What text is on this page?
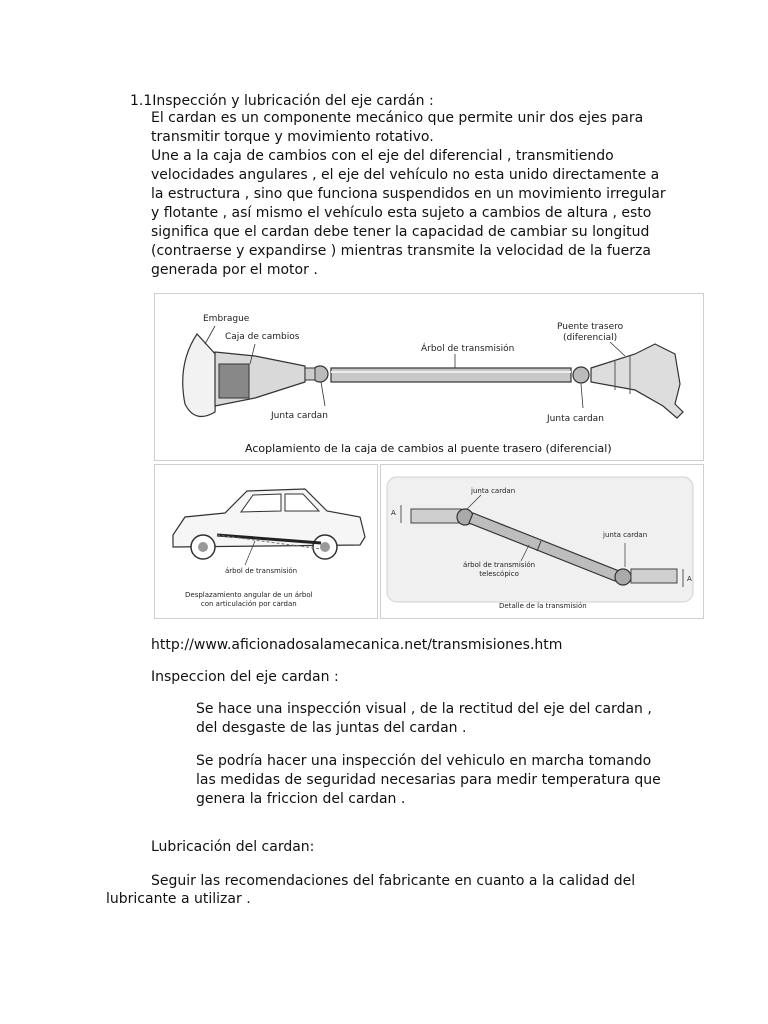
1.1Inspección y lubricación del eje cardán :
El cardan es un componente mecánico que permite unir dos ejes para
transmitir torque y movimiento rotativo.
Une a la caja de cambios con el eje del diferencial , transmitiendo
velocidades angulares , el eje del vehículo no esta unido directamente a
la estructura , sino que funciona suspendidos en un movimiento irregular
y flotante , así mismo el vehículo esta sujeto a cambios de altura , esto
significa que el cardan debe tener la capacidad de cambiar su longitud
(contraerse y expandirse ) mientras transmite la velocidad de la fuerza
generada por el motor .
Embrague
Caja de cambios
Árbol de transmisión
Puente trasero
(diferencial)
Junta cardan	Junta cardan
Acoplamiento de la caja de cambios al puente trasero (diferencial)
árbol de transmisión
Desplazamiento angular de un árbol
con articulación por cardan
junta cardan
junta cardan
árbol de transmisión
telescópico
A
A
Detalle de la transmisión
http://www.aficionadosalamecanica.net/transmisiones.htm
Inspeccion del eje cardan :
Se hace una inspección visual , de la rectitud del eje del cardan ,
del desgaste de las juntas del cardan .
Se podría hacer una inspección del vehiculo en marcha tomando
las medidas de seguridad necesarias para medir temperatura que
genera la friccion del cardan .
Lubricación del cardan:
Seguir las recomendaciones del fabricante en cuanto a la calidad del
lubricante a utilizar .
